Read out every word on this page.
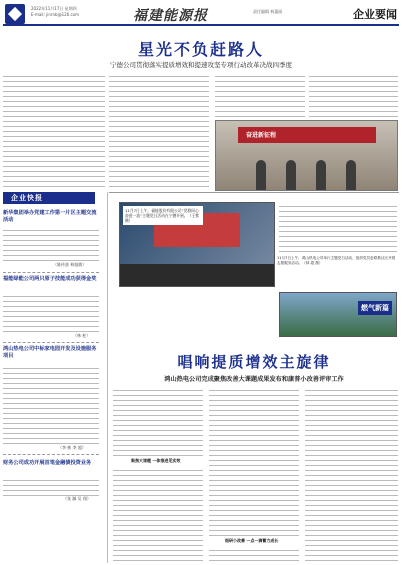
2022年11月17日 星期四
E-mail: jinrnb@126.com	福建能源报	责任编辑 林惠丽	企业要闻
星光不负赶路人
宁德公司贯彻落实提质增效和提速攻坚专项行动改革决战四季度
奋进新征程
企业快报
新华集团举办党建工作第一片区主题交流活动
（陈传贤 林旭敏）
福能绿能公司两只原子技能成功获得金奖
（林 柱）
鸿山热电公司中标家电园开发及设施服务项目
（李 彬 李 超）
财务公司成功开展首笔金融债投资业务
（张 瀚 吴 翔）
11月7日上午，福能股份有限公司“党群同心 奋进一流”主题党日活动在宁德开展。（王紫 摄）
11月7日上午，鸿山热电公司举行主题党日活动，组织党员赴联系社区开展志愿服务活动。（林 超 摄）
燃气新篇
唱响提质增效主旋律
鸿山热电公司完成聚焦改善大课题成果发布和康普小改善评审工作
聚焦大课题 一体推进见实效
细研小改善 一点一滴蓄力成长
